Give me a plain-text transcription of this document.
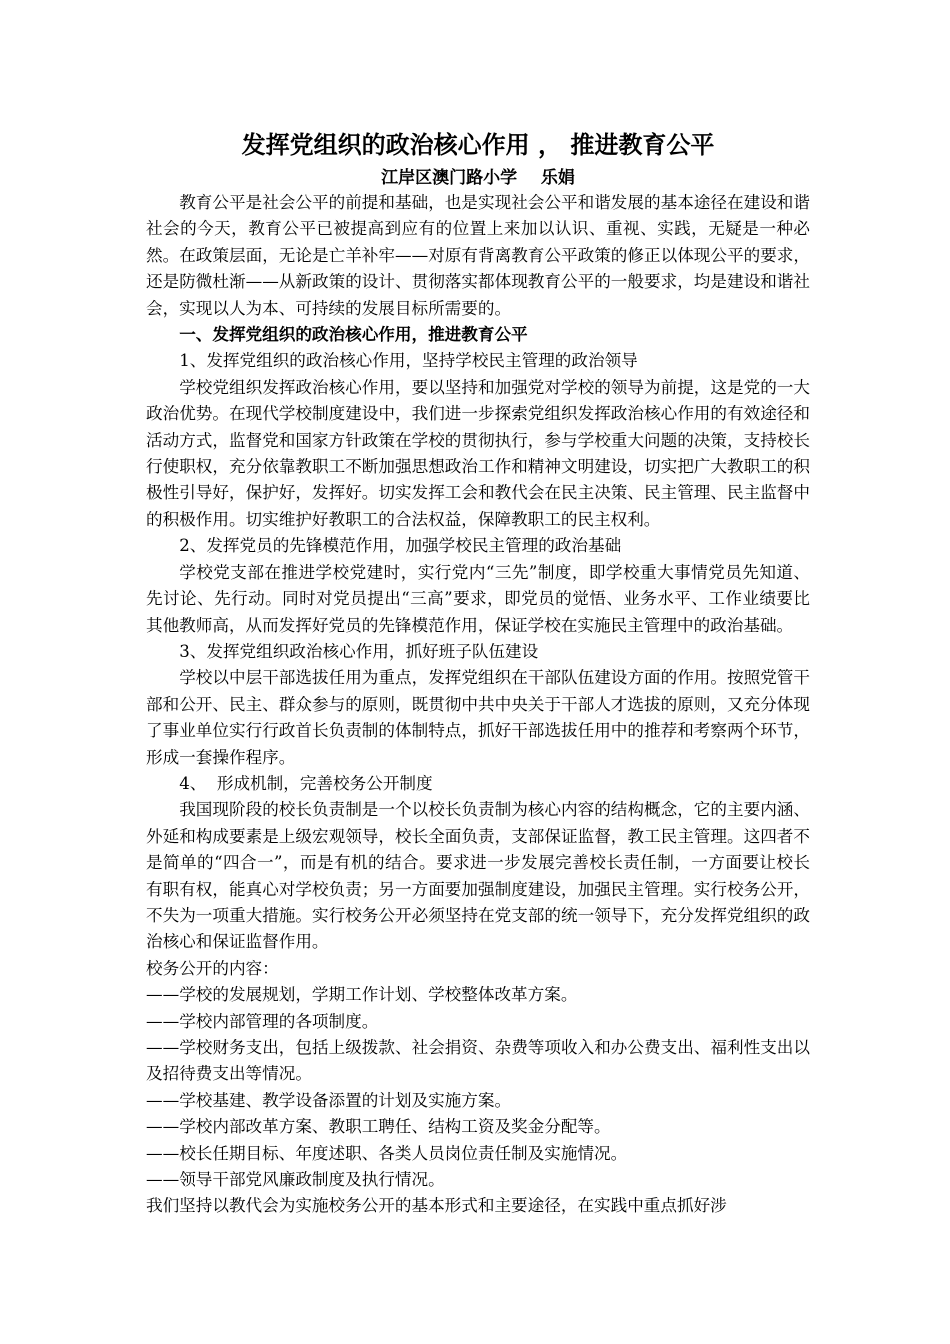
发挥党组织的政治核心作用 ， 推进教育公平

江岸区澳门路小学    乐娟

教育公平是社会公平的前提和基础，也是实现社会公平和谐发展的基本途径在建设和谐社会的今天，教育公平已被提高到应有的位置上来加以认识、重视、实践，无疑是一种必然。在政策层面，无论是亡羊补牢——对原有背离教育公平政策的修正以体现公平的要求，还是防微杜渐——从新政策的设计、贯彻落实都体现教育公平的一般要求，均是建设和谐社会，实现以人为本、可持续的发展目标所需要的。

一、发挥党组织的政治核心作用，推进教育公平

1、发挥党组织的政治核心作用，坚持学校民主管理的政治领导

学校党组织发挥政治核心作用，要以坚持和加强党对学校的领导为前提，这是党的一大政治优势。在现代学校制度建设中，我们进一步探索党组织发挥政治核心作用的有效途径和活动方式，监督党和国家方针政策在学校的贯彻执行，参与学校重大问题的决策，支持校长行使职权，充分依靠教职工不断加强思想政治工作和精神文明建设，切实把广大教职工的积极性引导好，保护好，发挥好。切实发挥工会和教代会在民主决策、民主管理、民主监督中的积极作用。切实维护好教职工的合法权益，保障教职工的民主权利。

2、发挥党员的先锋模范作用，加强学校民主管理的政治基础

学校党支部在推进学校党建时，实行党内“三先”制度，即学校重大事情党员先知道、先讨论、先行动。同时对党员提出“三高”要求，即党员的觉悟、业务水平、工作业绩要比其他教师高，从而发挥好党员的先锋模范作用，保证学校在实施民主管理中的政治基础。

3、发挥党组织政治核心作用，抓好班子队伍建设

学校以中层干部选拔任用为重点，发挥党组织在干部队伍建设方面的作用。按照党管干部和公开、民主、群众参与的原则，既贯彻中共中央关于干部人才选拔的原则，又充分体现了事业单位实行行政首长负责制的体制特点，抓好干部选拔任用中的推荐和考察两个环节，形成一套操作程序。

4、  形成机制，完善校务公开制度

我国现阶段的校长负责制是一个以校长负责制为核心内容的结构概念，它的主要内涵、外延和构成要素是上级宏观领导，校长全面负责，支部保证监督，教工民主管理。这四者不是简单的“四合一”，而是有机的结合。要求进一步发展完善校长责任制，一方面要让校长有职有权，能真心对学校负责；另一方面要加强制度建设，加强民主管理。实行校务公开，不失为一项重大措施。实行校务公开必须坚持在党支部的统一领导下，充分发挥党组织的政治核心和保证监督作用。

校务公开的内容：

——学校的发展规划，学期工作计划、学校整体改革方案。

——学校内部管理的各项制度。

——学校财务支出，包括上级拨款、社会捐资、杂费等项收入和办公费支出、福利性支出以及招待费支出等情况。

——学校基建、教学设备添置的计划及实施方案。

——学校内部改革方案、教职工聘任、结构工资及奖金分配等。

——校长任期目标、年度述职、各类人员岗位责任制及实施情况。

——领导干部党风廉政制度及执行情况。

我们坚持以教代会为实施校务公开的基本形式和主要途径，在实践中重点抓好涉
